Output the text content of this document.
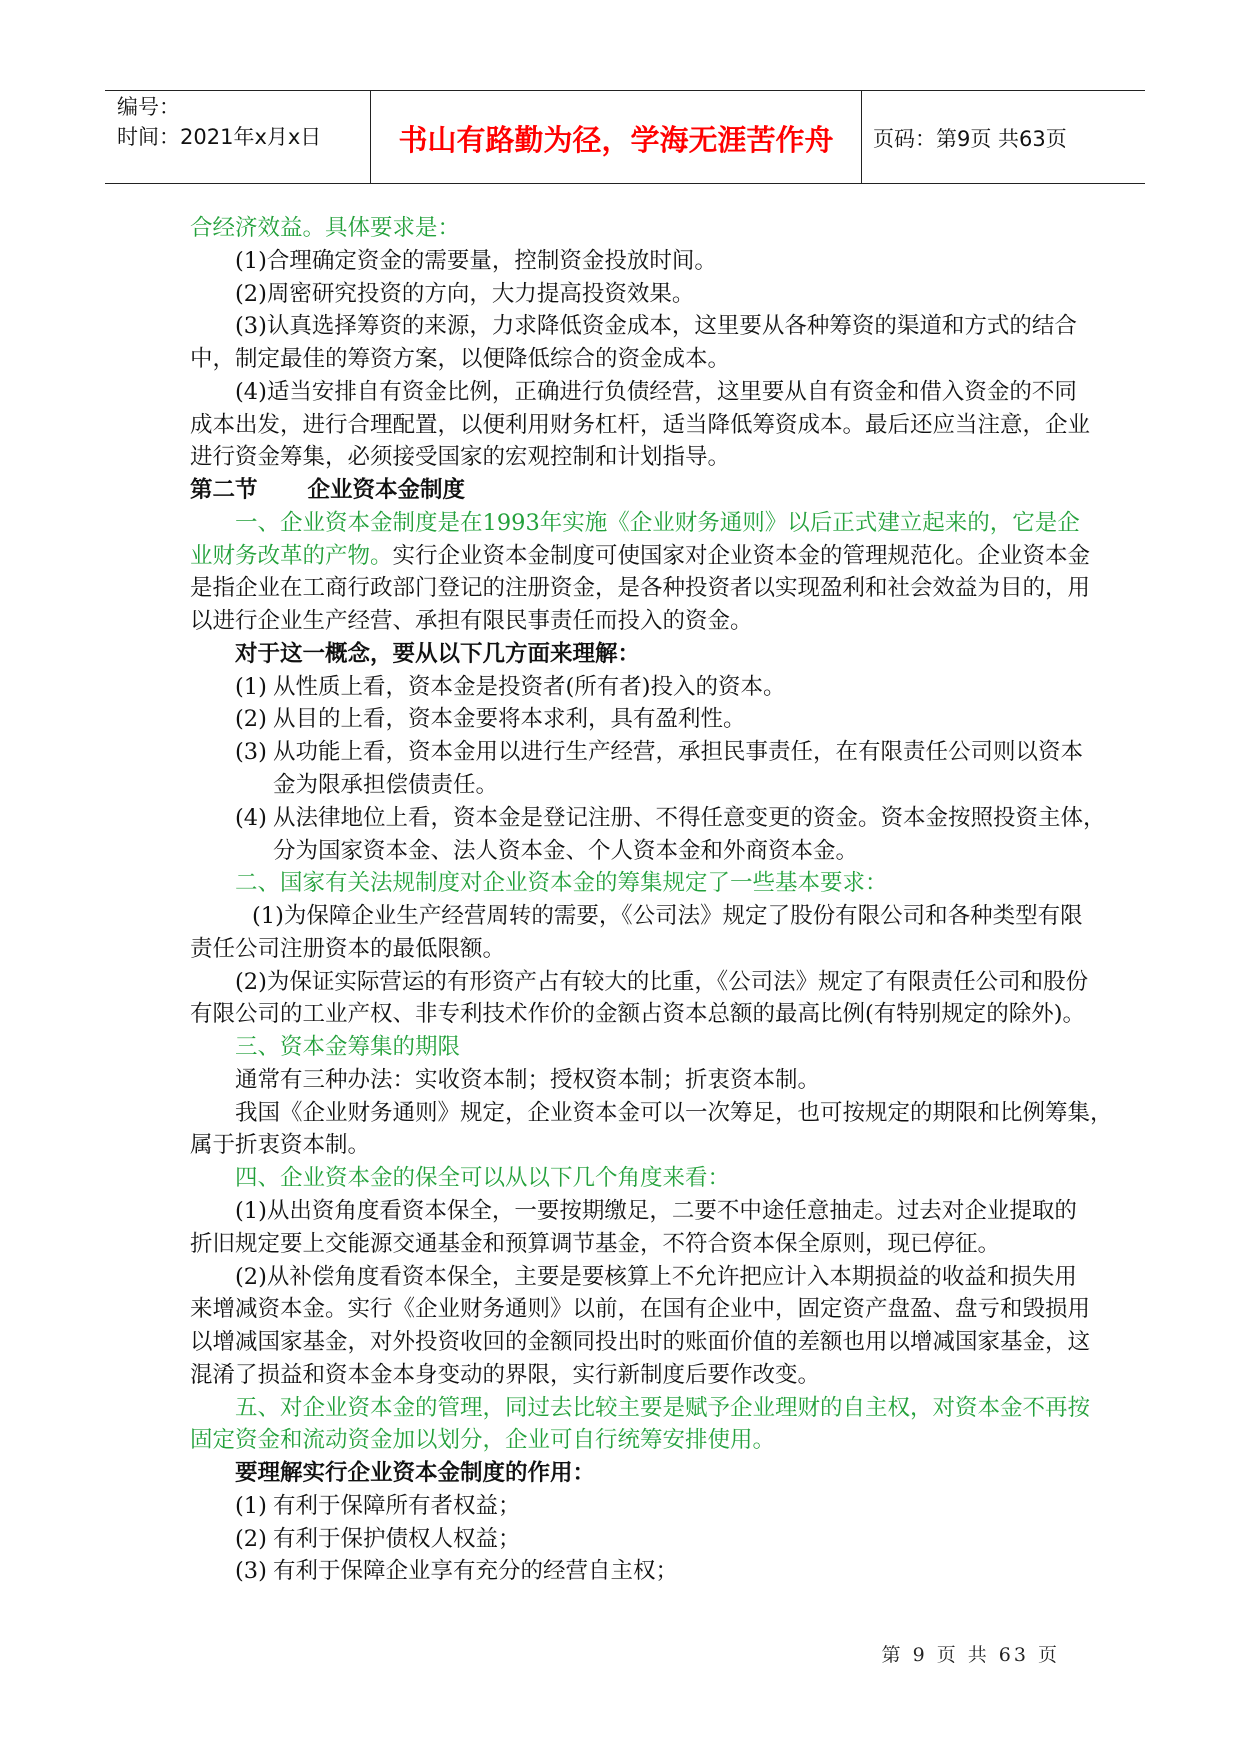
编号：
时间：2021年x月x日	书山有路勤为径，学海无涯苦作舟	页码：第9页 共63页
合经济效益。具体要求是：
(1)合理确定资金的需要量，控制资金投放时间。
(2)周密研究投资的方向，大力提高投资效果。
(3)认真选择筹资的来源，力求降低资金成本，这里要从各种筹资的渠道和方式的结合
中，制定最佳的筹资方案，以便降低综合的资金成本。
(4)适当安排自有资金比例，正确进行负债经营，这里要从自有资金和借入资金的不同
成本出发，进行合理配置，以便利用财务杠杆，适当降低筹资成本。最后还应当注意，企业
进行资金筹集，必须接受国家的宏观控制和计划指导。
第二节 企业资本金制度
一、企业资本金制度是在1993年实施《企业财务通则》以后正式建立起来的，它是企
业财务改革的产物。实行企业资本金制度可使国家对企业资本金的管理规范化。企业资本金
是指企业在工商行政部门登记的注册资金，是各种投资者以实现盈利和社会效益为目的，用
以进行企业生产经营、承担有限民事责任而投入的资金。
对于这一概念，要从以下几方面来理解：
(1) 从性质上看，资本金是投资者(所有者)投入的资本。
(2) 从目的上看，资本金要将本求利，具有盈利性。
(3) 从功能上看，资本金用以进行生产经营，承担民事责任，在有限责任公司则以资本
金为限承担偿债责任。
(4) 从法律地位上看，资本金是登记注册、不得任意变更的资金。资本金按照投资主体，
分为国家资本金、法人资本金、个人资本金和外商资本金。
二、国家有关法规制度对企业资本金的筹集规定了一些基本要求：
(1)为保障企业生产经营周转的需要，《公司法》规定了股份有限公司和各种类型有限
责任公司注册资本的最低限额。
(2)为保证实际营运的有形资产占有较大的比重，《公司法》规定了有限责任公司和股份
有限公司的工业产权、非专利技术作价的金额占资本总额的最高比例(有特别规定的除外)。
三、资本金筹集的期限
通常有三种办法：实收资本制；授权资本制；折衷资本制。
我国《企业财务通则》规定，企业资本金可以一次筹足，也可按规定的期限和比例筹集，
属于折衷资本制。
四、企业资本金的保全可以从以下几个角度来看：
(1)从出资角度看资本保全，一要按期缴足，二要不中途任意抽走。过去对企业提取的
折旧规定要上交能源交通基金和预算调节基金，不符合资本保全原则，现已停征。
(2)从补偿角度看资本保全，主要是要核算上不允许把应计入本期损益的收益和损失用
来增减资本金。实行《企业财务通则》以前，在国有企业中，固定资产盘盈、盘亏和毁损用
以增减国家基金，对外投资收回的金额同投出时的账面价值的差额也用以增减国家基金，这
混淆了损益和资本金本身变动的界限，实行新制度后要作改变。
五、对企业资本金的管理，同过去比较主要是赋予企业理财的自主权，对资本金不再按
固定资金和流动资金加以划分，企业可自行统筹安排使用。
要理解实行企业资本金制度的作用：
(1) 有利于保障所有者权益；
(2) 有利于保护债权人权益；
(3) 有利于保障企业享有充分的经营自主权；
第 9 页 共 63 页
